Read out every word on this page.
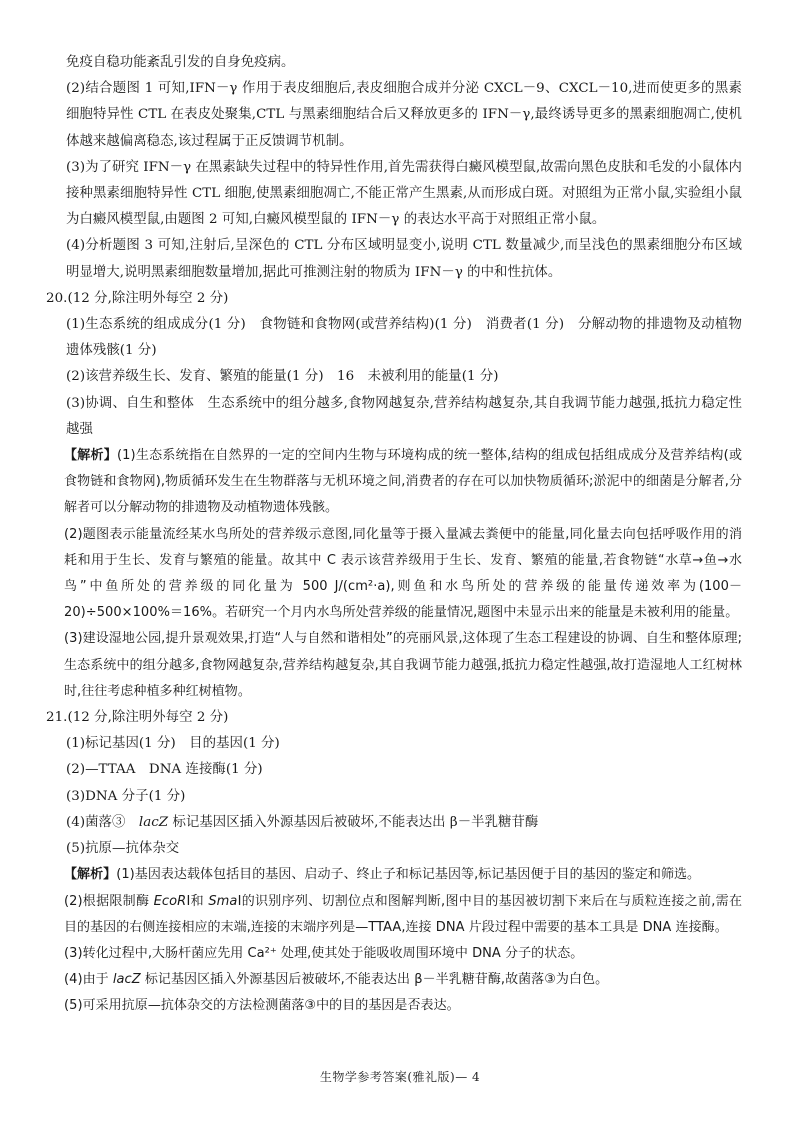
免疫自稳功能紊乱引发的自身免疫病。

(2)结合题图 1 可知,IFN－γ 作用于表皮细胞后,表皮细胞合成并分泌 CXCL－9、CXCL－10,进而使更多的黑素细胞特异性 CTL 在表皮处聚集,CTL 与黑素细胞结合后又释放更多的 IFN－γ,最终诱导更多的黑素细胞凋亡,使机体越来越偏离稳态,该过程属于正反馈调节机制。

(3)为了研究 IFN－γ 在黑素缺失过程中的特异性作用,首先需获得白癜风模型鼠,故需向黑色皮肤和毛发的小鼠体内接种黑素细胞特异性 CTL 细胞,使黑素细胞凋亡,不能正常产生黑素,从而形成白斑。对照组为正常小鼠,实验组小鼠为白癜风模型鼠,由题图 2 可知,白癜风模型鼠的 IFN－γ 的表达水平高于对照组正常小鼠。

(4)分析题图 3 可知,注射后,呈深色的 CTL 分布区域明显变小,说明 CTL 数量减少,而呈浅色的黑素细胞分布区域明显增大,说明黑素细胞数量增加,据此可推测注射的物质为 IFN－γ 的中和性抗体。

20.(12 分,除注明外每空 2 分)

(1)生态系统的组成成分(1 分)　食物链和食物网(或营养结构)(1 分)　消费者(1 分)　分解动物的排遗物及动植物遗体残骸(1 分)

(2)该营养级生长、发育、繁殖的能量(1 分)　16　未被利用的能量(1 分)

(3)协调、自生和整体　生态系统中的组分越多,食物网越复杂,营养结构越复杂,其自我调节能力越强,抵抗力稳定性越强

【解析】(1)生态系统指在自然界的一定的空间内生物与环境构成的统一整体,结构的组成包括组成成分及营养结构(或食物链和食物网),物质循环发生在生物群落与无机环境之间,消费者的存在可以加快物质循环;淤泥中的细菌是分解者,分解者可以分解动物的排遗物及动植物遗体残骸。

(2)题图表示能量流经某水鸟所处的营养级示意图,同化量等于摄入量减去粪便中的能量,同化量去向包括呼吸作用的消耗和用于生长、发育与繁殖的能量。故其中 C 表示该营养级用于生长、发育、繁殖的能量,若食物链“水草→鱼→水鸟”中鱼所处的营养级的同化量为 500 J/(cm²·a),则鱼和水鸟所处的营养级的能量传递效率为(100－20)÷500×100%＝16%。若研究一个月内水鸟所处营养级的能量情况,题图中未显示出来的能量是未被利用的能量。

(3)建设湿地公园,提升景观效果,打造“人与自然和谐相处”的亮丽风景,这体现了生态工程建设的协调、自生和整体原理;生态系统中的组分越多,食物网越复杂,营养结构越复杂,其自我调节能力越强,抵抗力稳定性越强,故打造湿地人工红树林时,往往考虑种植多种红树植物。

21.(12 分,除注明外每空 2 分)

(1)标记基因(1 分)　目的基因(1 分)

(2)—TTAA　DNA 连接酶(1 分)

(3)DNA 分子(1 分)

(4)菌落③　lacZ 标记基因区插入外源基因后被破坏,不能表达出 β－半乳糖苷酶

(5)抗原—抗体杂交

【解析】(1)基因表达载体包括目的基因、启动子、终止子和标记基因等,标记基因便于目的基因的鉴定和筛选。

(2)根据限制酶 EcoRⅠ和 SmaⅠ的识别序列、切割位点和图解判断,图中目的基因被切割下来后在与质粒连接之前,需在目的基因的右侧连接相应的末端,连接的末端序列是—TTAA,连接 DNA 片段过程中需要的基本工具是 DNA 连接酶。

(3)转化过程中,大肠杆菌应先用 Ca²⁺ 处理,使其处于能吸收周围环境中 DNA 分子的状态。

(4)由于 lacZ 标记基因区插入外源基因后被破坏,不能表达出 β－半乳糖苷酶,故菌落③为白色。

(5)可采用抗原—抗体杂交的方法检测菌落③中的目的基因是否表达。

生物学参考答案(雅礼版)— 4
